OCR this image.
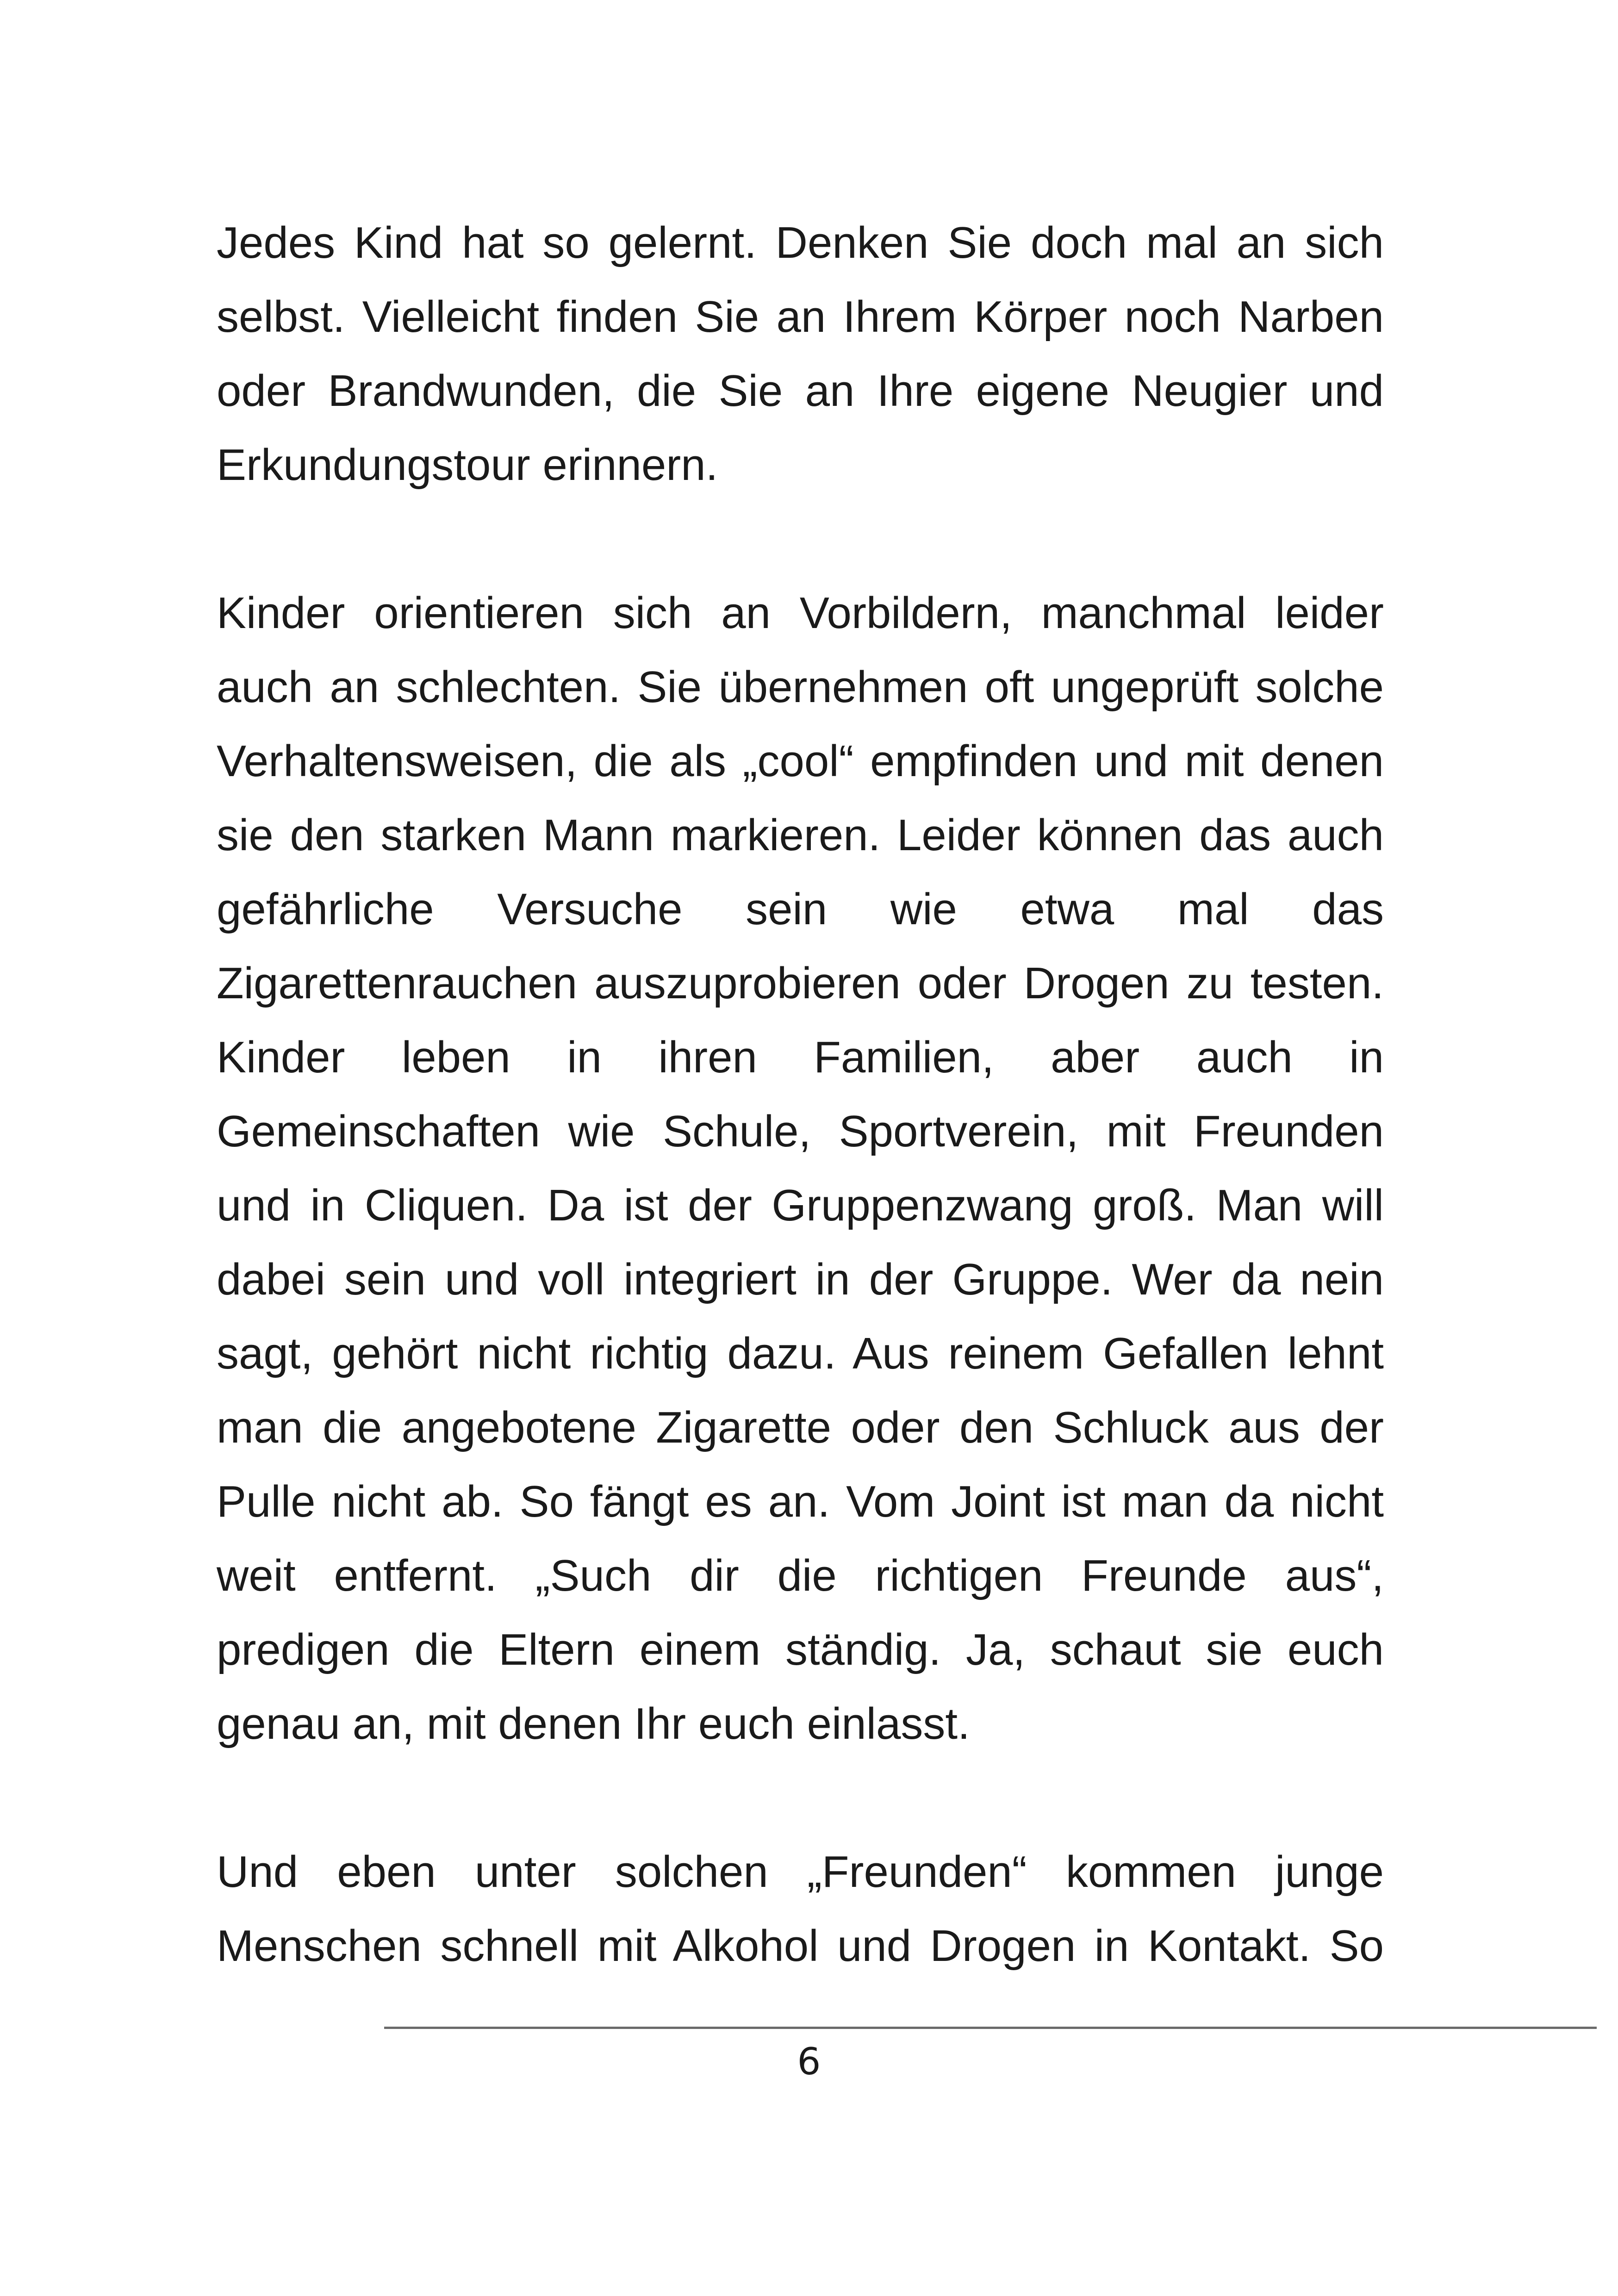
Jedes Kind hat so gelernt. Denken Sie doch mal an sich
selbst. Vielleicht finden Sie an Ihrem Körper noch Narben
oder Brandwunden, die Sie an Ihre eigene Neugier und
Erkundungstour erinnern.
Kinder orientieren sich an Vorbildern, manchmal leider
auch an schlechten. Sie übernehmen oft ungeprüft solche
Verhaltensweisen, die als „cool“ empfinden und mit denen
sie den starken Mann markieren. Leider können das auch
gefährliche Versuche sein wie etwa mal das
Zigarettenrauchen auszuprobieren oder Drogen zu testen.
Kinder leben in ihren Familien, aber auch in
Gemeinschaften wie Schule, Sportverein, mit Freunden
und in Cliquen. Da ist der Gruppenzwang groß. Man will
dabei sein und voll integriert in der Gruppe. Wer da nein
sagt, gehört nicht richtig dazu. Aus reinem Gefallen lehnt
man die angebotene Zigarette oder den Schluck aus der
Pulle nicht ab. So fängt es an. Vom Joint ist man da nicht
weit entfernt. „Such dir die richtigen Freunde aus“,
predigen die Eltern einem ständig. Ja, schaut sie euch
genau an, mit denen Ihr euch einlasst.
Und eben unter solchen „Freunden“ kommen junge
Menschen schnell mit Alkohol und Drogen in Kontakt. So
6
